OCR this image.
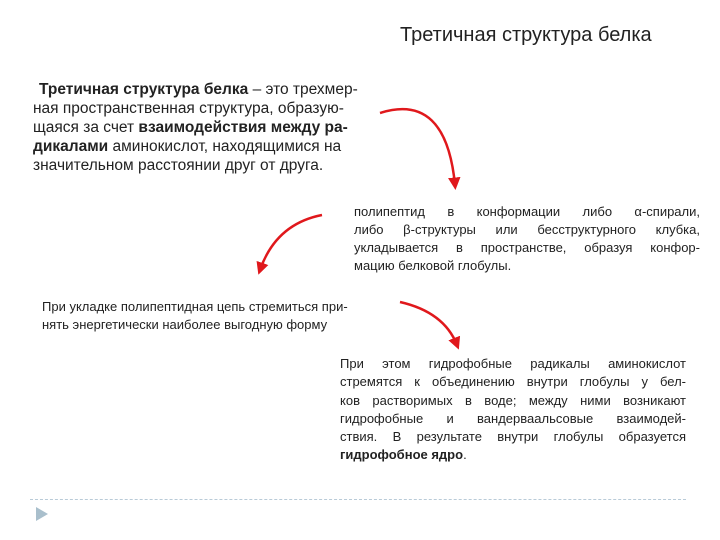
Третичная структура белка
Третичная структура белка – это трехмер-
ная пространственная структура, образую-
щаяся за счет взаимодействия между ра-
дикалами аминокислот, находящимися на
значительном расстоянии друг от друга.
полипептид в конформации либо α-спирали,
либо β-структуры или бесструктурного клубка,
укладывается в пространстве, образуя конфор-
мацию белковой глобулы.
При укладке полипептидная цепь стремиться при-
нять энергетически наиболее выгодную форму
При этом гидрофобные радикалы аминокислот
стремятся к объединению внутри глобулы у бел-
ков растворимых в воде; между ними возникают
гидрофобные и вандерваальсовые взаимодей-
ствия. В результате внутри глобулы образуется
гидрофобное ядро.
